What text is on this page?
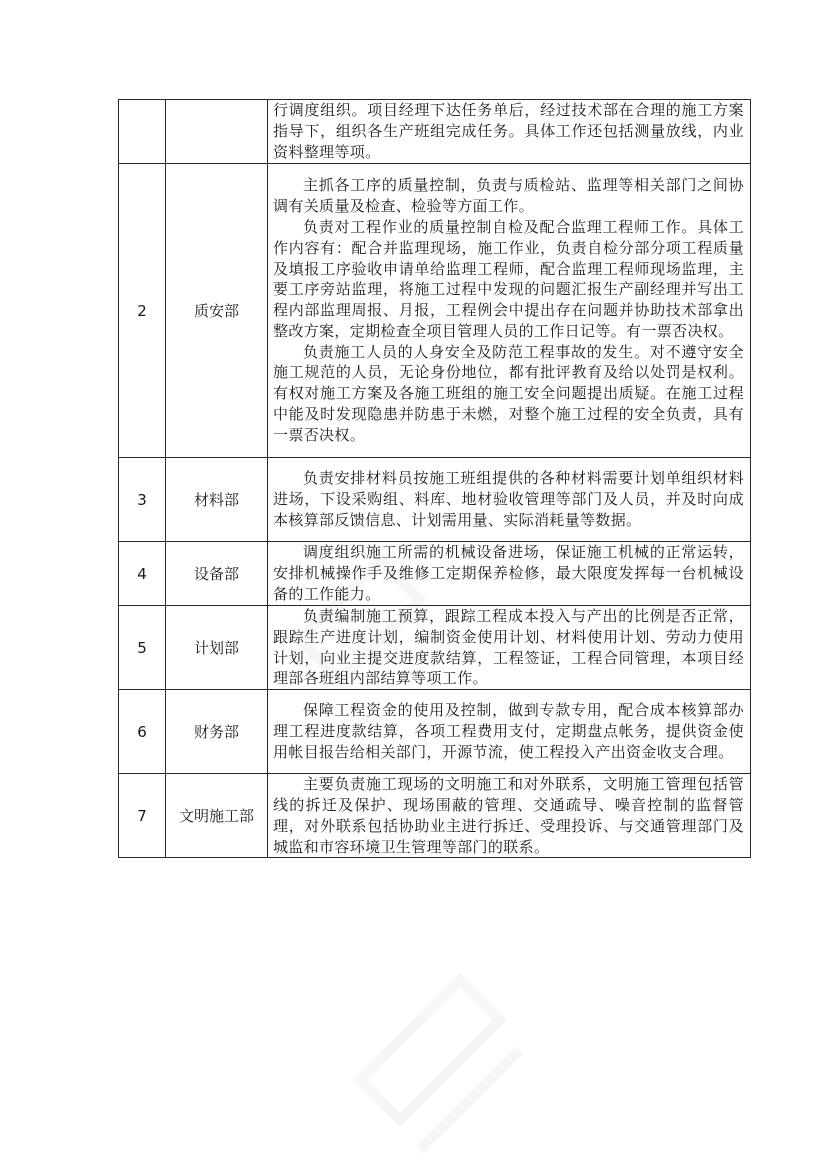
		行调度组织。项目经理下达任务单后，经过技术部在合理的施工方案指导下，组织各生产班组完成任务。具体工作还包括测量放线，内业资料整理等项。

2	质安部	主抓各工序的质量控制，负责与质检站、监理等相关部门之间协调有关质量及检查、检验等方面工作。

负责对工程作业的质量控制自检及配合监理工程师工作。具体工作内容有：配合并监理现场，施工作业，负责自检分部分项工程质量及填报工序验收申请单给监理工程师，配合监理工程师现场监理，主要工序旁站监理，将施工过程中发现的问题汇报生产副经理并写出工程内部监理周报、月报，工程例会中提出存在问题并协助技术部拿出整改方案，定期检查全项目管理人员的工作日记等。有一票否决权。

负责施工人员的人身安全及防范工程事故的发生。对不遵守安全施工规范的人员，无论身份地位，都有批评教育及给以处罚是权利。有权对施工方案及各施工班组的施工安全问题提出质疑。在施工过程中能及时发现隐患并防患于未燃，对整个施工过程的安全负责，具有一票否决权。

3	材料部	负责安排材料员按施工班组提供的各种材料需要计划单组织材料进场，下设采购组、料库、地材验收管理等部门及人员，并及时向成本核算部反馈信息、计划需用量、实际消耗量等数据。

4	设备部	调度组织施工所需的机械设备进场，保证施工机械的正常运转，安排机械操作手及维修工定期保养检修，最大限度发挥每一台机械设备的工作能力。

5	计划部	负责编制施工预算，跟踪工程成本投入与产出的比例是否正常，跟踪生产进度计划，编制资金使用计划、材料使用计划、劳动力使用计划，向业主提交进度款结算，工程签证，工程合同管理，本项目经理部各班组内部结算等项工作。

6	财务部	保障工程资金的使用及控制，做到专款专用，配合成本核算部办理工程进度款结算，各项工程费用支付，定期盘点帐务，提供资金使用帐目报告给相关部门，开源节流，使工程投入产出资金收支合理。

7	文明施工部	主要负责施工现场的文明施工和对外联系，文明施工管理包括管线的拆迁及保护、现场围蔽的管理、交通疏导、噪音控制的监督管理，对外联系包括协助业主进行拆迁、受理投诉、与交通管理部门及城监和市容环境卫生管理等部门的联系。
